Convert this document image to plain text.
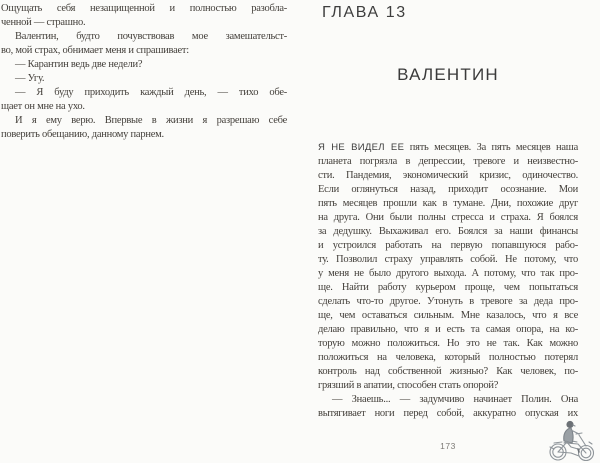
Ощущать себя незащищенной и полностью разобла-
ченной — страшно.
Валентин, будто почувствовав мое замешательст-
во, мой страх, обнимает меня и спрашивает:
— Карантин ведь две недели?
— Угу.
— Я буду приходить каждый день, — тихо обе-
щает он мне на ухо.
И я ему верю. Впервые в жизни я разрешаю себе
поверить обещанию, данному парнем.
ГЛАВА 13
ВАЛЕНТИН
Я НЕ ВИДЕЛ ЕЕ пять месяцев. За пять месяцев наша
планета погрязла в депрессии, тревоге и неизвестно-
сти. Пандемия, экономический кризис, одиночество.
Если оглянуться назад, приходит осознание. Мои
пять месяцев прошли как в тумане. Дни, похожие друг
на друга. Они были полны стресса и страха. Я боялся
за дедушку. Выхаживал его. Боялся за наши финансы
и устроился работать на первую попавшуюся рабо-
ту. Позволил страху управлять собой. Не потому, что
у меня не было другого выхода. А потому, что так про-
ще. Найти работу курьером проще, чем попытаться
сделать что-то другое. Утонуть в тревоге за деда про-
ще, чем оставаться сильным. Мне казалось, что я все
делаю правильно, что я и есть та самая опора, на ко-
торую можно положиться. Но это не так. Как можно
положиться на человека, который полностью потерял
контроль над собственной жизнью? Как человек, по-
грязший в апатии, способен стать опорой?
— Знаешь... — задумчиво начинает Полин. Она
вытягивает ноги перед собой, аккуратно опуская их
173
